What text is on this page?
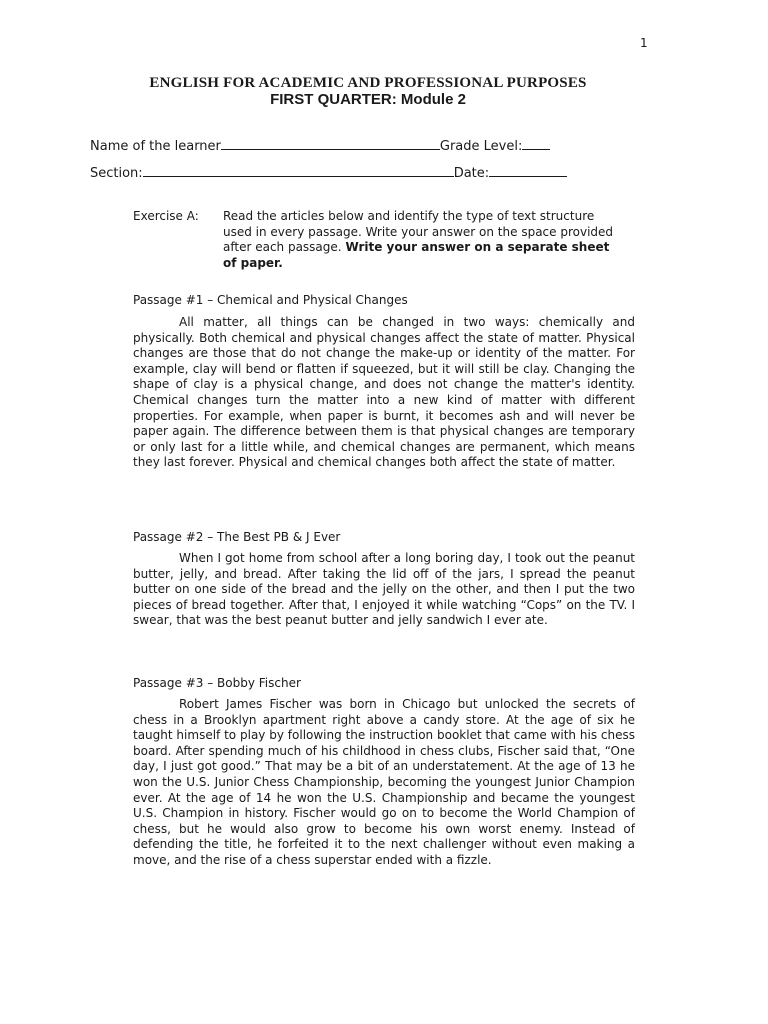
1
ENGLISH FOR ACADEMIC AND PROFESSIONAL PURPOSES
FIRST QUARTER: Module 2
Name of the learner	Grade Level:
Section:	Date:
Exercise A: Read the articles below and identify the type of text structure used in every passage. Write your answer on the space provided after each passage. Write your answer on a separate sheet of paper.
Passage #1 – Chemical and Physical Changes
All matter, all things can be changed in two ways: chemically and physically. Both chemical and physical changes affect the state of matter. Physical changes are those that do not change the make-up or identity of the matter. For example, clay will bend or flatten if squeezed, but it will still be clay. Changing the shape of clay is a physical change, and does not change the matter's identity. Chemical changes turn the matter into a new kind of matter with different properties. For example, when paper is burnt, it becomes ash and will never be paper again. The difference between them is that physical changes are temporary or only last for a little while, and chemical changes are permanent, which means they last forever. Physical and chemical changes both affect the state of matter.
Passage #2 – The Best PB & J Ever
When I got home from school after a long boring day, I took out the peanut butter, jelly, and bread. After taking the lid off of the jars, I spread the peanut butter on one side of the bread and the jelly on the other, and then I put the two pieces of bread together. After that, I enjoyed it while watching “Cops” on the TV. I swear, that was the best peanut butter and jelly sandwich I ever ate.
Passage #3 – Bobby Fischer
Robert James Fischer was born in Chicago but unlocked the secrets of chess in a Brooklyn apartment right above a candy store. At the age of six he taught himself to play by following the instruction booklet that came with his chess board. After spending much of his childhood in chess clubs, Fischer said that, “One day, I just got good.” That may be a bit of an understatement. At the age of 13 he won the U.S. Junior Chess Championship, becoming the youngest Junior Champion ever. At the age of 14 he won the U.S. Championship and became the youngest U.S. Champion in history. Fischer would go on to become the World Champion of chess, but he would also grow to become his own worst enemy. Instead of defending the title, he forfeited it to the next challenger without even making a move, and the rise of a chess superstar ended with a fizzle.
